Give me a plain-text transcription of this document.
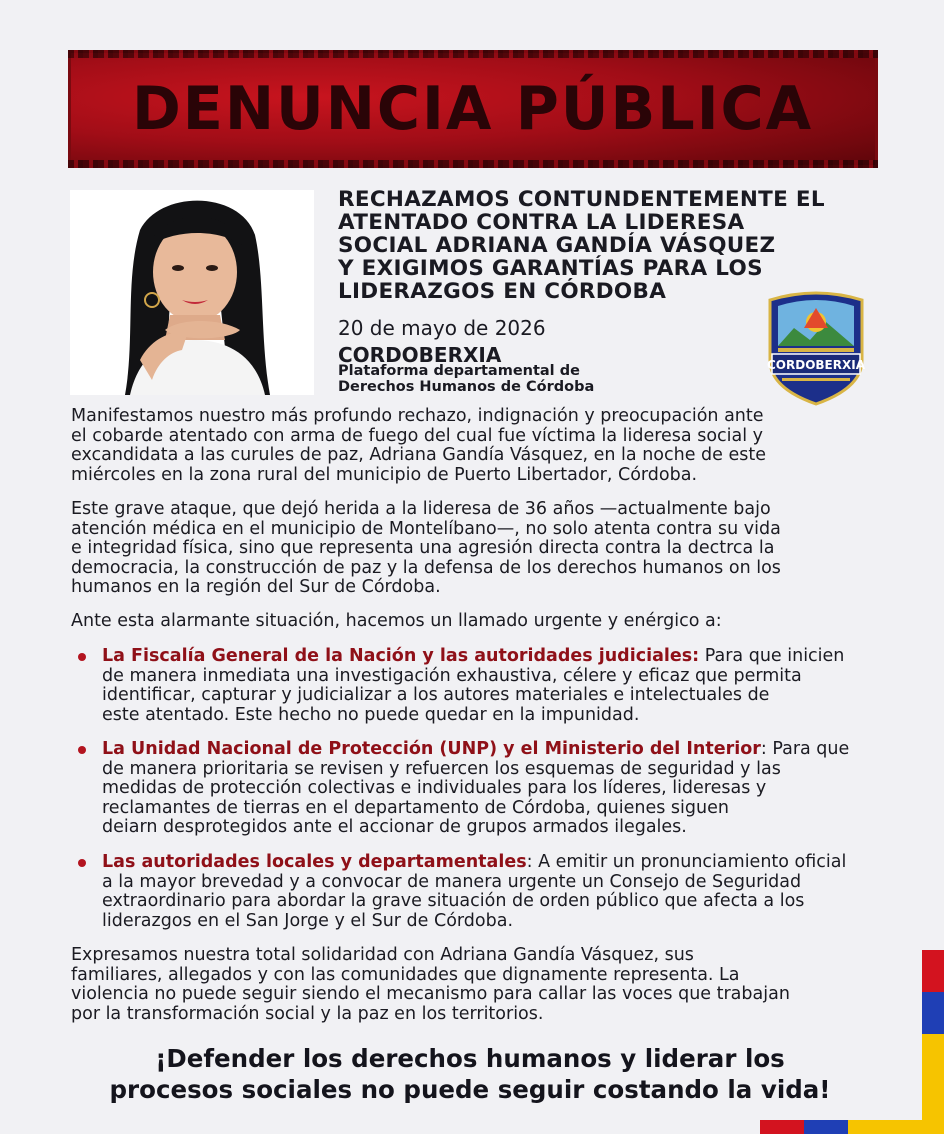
DENUNCIA PÚBLICA
RECHAZAMOS CONTUNDENTEMENTE EL
ATENTADO CONTRA LA LIDERESA
SOCIAL ADRIANA GANDÍA VÁSQUEZ
Y EXIGIMOS GARANTÍAS PARA LOS
LIDERAZGOS EN CÓRDOBA
20 de mayo de 2026
CORDOBERXIA
Plataforma departamental de
Derechos Humanos de Córdoba
CORDOBERXIA
Manifestamos nuestro más profundo rechazo, indignación y preocupación ante
el cobarde atentado con arma de fuego del cual fue víctima la lideresa social y
excandidata a las curules de paz, Adriana Gandía Vásquez, en la noche de este
miércoles en la zona rural del municipio de Puerto Libertador, Córdoba.
Este grave ataque, que dejó herida a la lideresa de 36 años —actualmente bajo
atención médica en el municipio de Montelíbano—, no solo atenta contra su vida
e integridad física, sino que representa una agresión directa contra la dectrca la
democracia, la construcción de paz y la defensa de los derechos humanos on los
humanos en la región del Sur de Córdoba.
Ante esta alarmante situación, hacemos un llamado urgente y enérgico a:
La Fiscalía General de la Nación y las autoridades judiciales: Para que inicien
de manera inmediata una investigación exhaustiva, célere y eficaz que permita
identificar, capturar y judicializar a los autores materiales e intelectuales de
este atentado. Este hecho no puede quedar en la impunidad.
La Unidad Nacional de Protección (UNP) y el Ministerio del Interior: Para que
de manera prioritaria se revisen y refuercen los esquemas de seguridad y las
medidas de protección colectivas e individuales para los líderes, lideresas y
reclamantes de tierras en el departamento de Córdoba, quienes siguen
deiarn desprotegidos ante el accionar de grupos armados ilegales.
Las autoridades locales y departamentales: A emitir un pronunciamiento oficial
a la mayor brevedad y a convocar de manera urgente un Consejo de Seguridad
extraordinario para abordar la grave situación de orden público que afecta a los
liderazgos en el San Jorge y el Sur de Córdoba.
Expresamos nuestra total solidaridad con Adriana Gandía Vásquez, sus
familiares, allegados y con las comunidades que dignamente representa. La
violencia no puede seguir siendo el mecanismo para callar las voces que trabajan
por la transformación social y la paz en los territorios.
¡Defender los derechos humanos y liderar los
procesos sociales no puede seguir costando la vida!
